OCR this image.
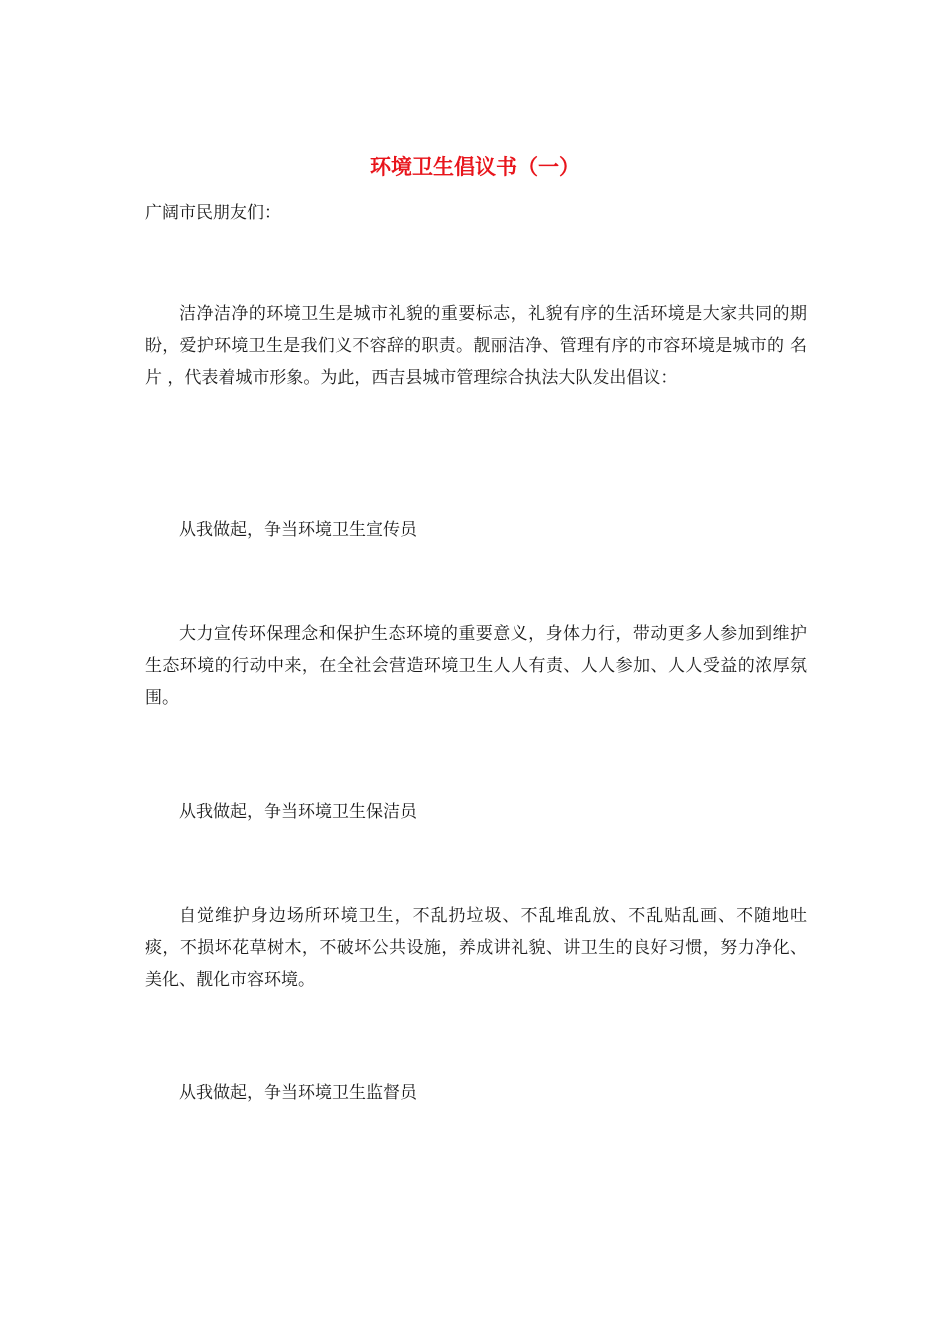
环境卫生倡议书（一）

广阔市民朋友们：

洁净洁净的环境卫生是城市礼貌的重要标志，礼貌有序的生活环境是大家共同的期盼，爱护环境卫生是我们义不容辞的职责。靓丽洁净、管理有序的市容环境是城市的 名片 ，代表着城市形象。为此，西吉县城市管理综合执法大队发出倡议：

从我做起，争当环境卫生宣传员

大力宣传环保理念和保护生态环境的重要意义，身体力行，带动更多人参加到维护生态环境的行动中来，在全社会营造环境卫生人人有责、人人参加、人人受益的浓厚氛围。

从我做起，争当环境卫生保洁员

自觉维护身边场所环境卫生，不乱扔垃圾、不乱堆乱放、不乱贴乱画、不随地吐痰，不损坏花草树木，不破坏公共设施，养成讲礼貌、讲卫生的良好习惯，努力净化、美化、靓化市容环境。

从我做起，争当环境卫生监督员
